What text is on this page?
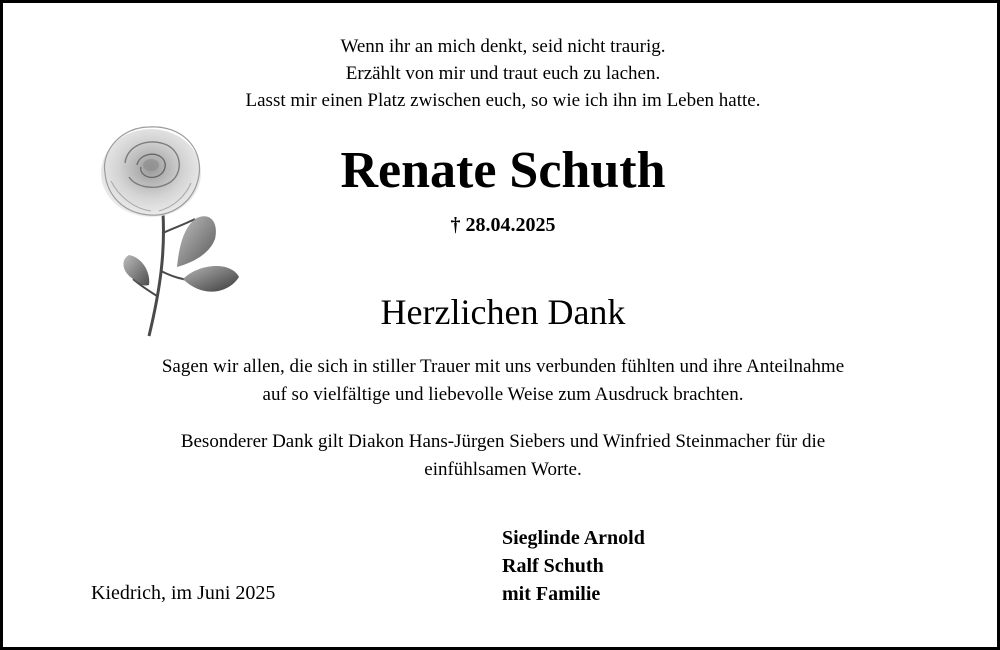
Wenn ihr an mich denkt, seid nicht traurig.
Erzählt von mir und traut euch zu lachen.
Lasst mir einen Platz zwischen euch, so wie ich ihn im Leben hatte.
Renate Schuth
† 28.04.2025
Herzlichen Dank
Sagen wir allen, die sich in stiller Trauer mit uns verbunden fühlten und ihre Anteilnahme
auf so vielfältige und liebevolle Weise zum Ausdruck brachten.
Besonderer Dank gilt Diakon Hans-Jürgen Siebers und Winfried Steinmacher für die
einfühlsamen Worte.
Kiedrich, im Juni 2025
Sieglinde Arnold
Ralf Schuth
mit Familie
